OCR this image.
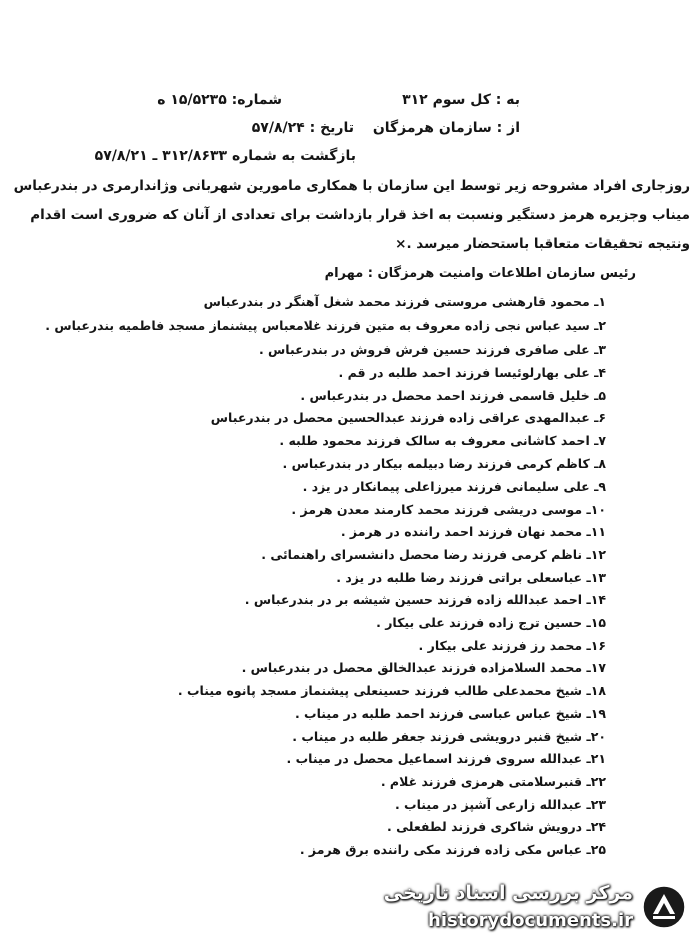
به : کل سوم ۳۱۲
شماره: ۱۵/۵۲۳۵ ه
از : سازمان هرمزگان
تاریخ : ۵۷/۸/۲۴
بازگشت به شماره ۳۱۲/۸۶۳۳ ـ ۵۷/۸/۲۱
روزجاری افراد مشروحه زیر توسط این سازمان با همکاری مامورین شهربانی وژاندارمری در بندرعباس
میناب وجزیره هرمز دستگیر ونسبت به اخذ قرار بازداشت برای تعدادی از آنان که ضروری است اقدام
ونتیجه تحقیقات متعاقبا باستحضار میرسد .×
رئیس سازمان اطلاعات وامنیت هرمزگان : مهرام
۱ـ محمود قارهشی مروستی فرزند محمد شغل آهنگر در بندرعباس
۲ـ سید عباس نجی زاده معروف به متین فرزند غلامعباس پیشنماز مسجد فاطمیه بندرعباس .
۳ـ علی صافری فرزند حسین فرش فروش در بندرعباس .
۴ـ علی بهارلوئیسا فرزند احمد طلبه در قم .
۵ـ خلیل قاسمی فرزند احمد محصل در بندرعباس .
۶ـ عبدالمهدی عراقی زاده فرزند عبدالحسین محصل در بندرعباس
۷ـ احمد کاشانی معروف به سالک فرزند محمود طلبه .
۸ـ کاظم کرمی فرزند رضا دبیلمه بیکار در بندرعباس .
۹ـ علی سلیمانی فرزند میرزاعلی پیمانکار در یزد .
۱۰ـ موسی دریشی فرزند محمد کارمند معدن هرمز .
۱۱ـ محمد نهان فرزند احمد راننده در هرمز .
۱۲ـ ناظم کرمی فرزند رضا محصل دانشسرای راهنمائی .
۱۳ـ عباسعلی براتی فرزند رضا طلبه در یزد .
۱۴ـ احمد عبدالله زاده فرزند حسین شیشه بر در بندرعباس .
۱۵ـ حسین ترج زاده فرزند علی بیکار .
۱۶ـ محمد رز فرزند علی بیکار .
۱۷ـ محمد السلامزاده فرزند عبدالخالق محصل در بندرعباس .
۱۸ـ شیخ محمدعلی طالب فرزند حسینعلی پیشنماز مسجد پانوه میناب .
۱۹ـ شیخ عباس عباسی فرزند احمد طلبه در میناب .
۲۰ـ شیخ قنبر درویشی فرزند جعفر طلبه در میناب .
۲۱ـ عبدالله سروی فرزند اسماعیل محصل در میناب .
۲۲ـ قنبرسلامتی هرمزی فرزند غلام .
۲۳ـ عبدالله زارعی آشپز در میناب .
۲۴ـ درویش شاکری فرزند لطفعلی .
۲۵ـ عباس مکی زاده فرزند مکی راننده برق هرمز .
مرکز بررسی اسناد تاریخی
historydocuments.ir
